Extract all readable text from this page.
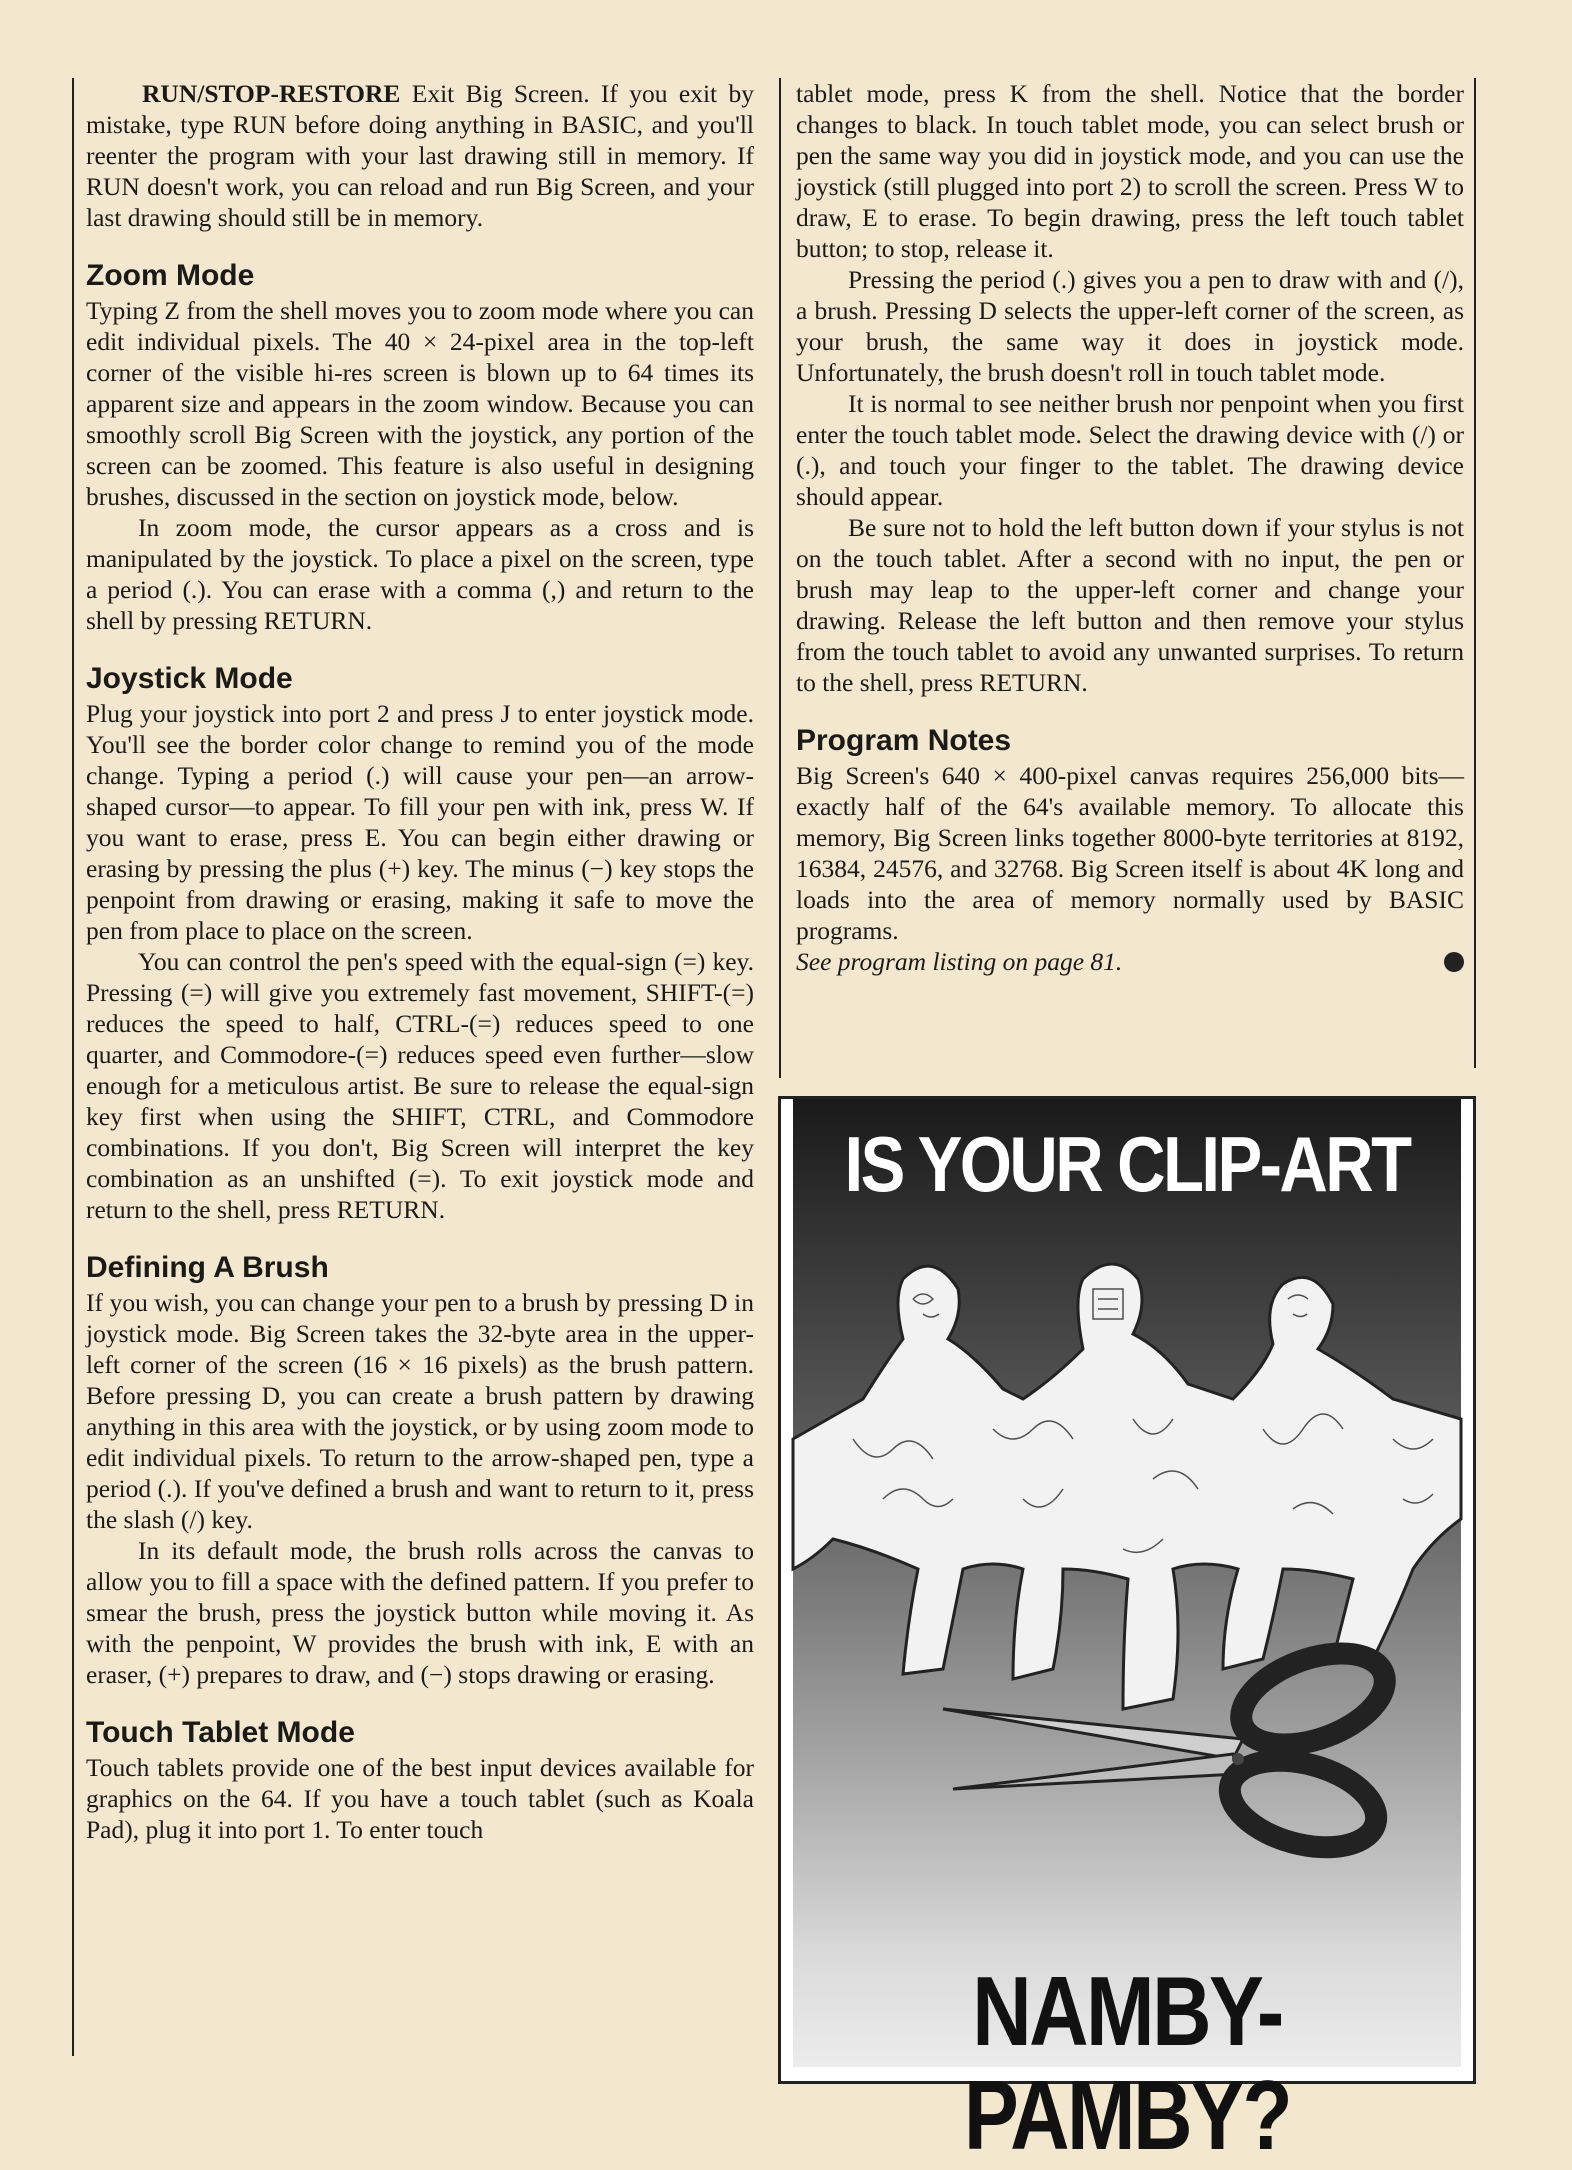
RUN/STOP-RESTORE Exit Big Screen. If you exit by mistake, type RUN before doing anything in BASIC, and you'll reenter the program with your last drawing still in memory. If RUN doesn't work, you can reload and run Big Screen, and your last drawing should still be in memory.

Zoom Mode

Typing Z from the shell moves you to zoom mode where you can edit individual pixels. The 40 × 24-pixel area in the top-left corner of the visible hi-res screen is blown up to 64 times its apparent size and appears in the zoom window. Because you can smoothly scroll Big Screen with the joystick, any portion of the screen can be zoomed. This feature is also useful in designing brushes, discussed in the section on joystick mode, below.

In zoom mode, the cursor appears as a cross and is manipulated by the joystick. To place a pixel on the screen, type a period (.). You can erase with a comma (,) and return to the shell by pressing RETURN.

Joystick Mode

Plug your joystick into port 2 and press J to enter joystick mode. You'll see the border color change to remind you of the mode change. Typing a period (.) will cause your pen—an arrow-shaped cursor—to appear. To fill your pen with ink, press W. If you want to erase, press E. You can begin either drawing or erasing by pressing the plus (+) key. The minus (−) key stops the penpoint from drawing or erasing, making it safe to move the pen from place to place on the screen.

You can control the pen's speed with the equal-sign (=) key. Pressing (=) will give you extremely fast movement, SHIFT-(=) reduces the speed to half, CTRL-(=) reduces speed to one quarter, and Commodore-(=) reduces speed even further—slow enough for a meticulous artist. Be sure to release the equal-sign key first when using the SHIFT, CTRL, and Commodore combinations. If you don't, Big Screen will interpret the key combination as an unshifted (=). To exit joystick mode and return to the shell, press RETURN.

Defining A Brush

If you wish, you can change your pen to a brush by pressing D in joystick mode. Big Screen takes the 32-byte area in the upper-left corner of the screen (16 × 16 pixels) as the brush pattern. Before pressing D, you can create a brush pattern by drawing anything in this area with the joystick, or by using zoom mode to edit individual pixels. To return to the arrow-shaped pen, type a period (.). If you've defined a brush and want to return to it, press the slash (/) key.

In its default mode, the brush rolls across the canvas to allow you to fill a space with the defined pattern. If you prefer to smear the brush, press the joystick button while moving it. As with the penpoint, W provides the brush with ink, E with an eraser, (+) prepares to draw, and (−) stops drawing or erasing.

Touch Tablet Mode

Touch tablets provide one of the best input devices available for graphics on the 64. If you have a touch tablet (such as Koala Pad), plug it into port 1. To enter touch

tablet mode, press K from the shell. Notice that the border changes to black. In touch tablet mode, you can select brush or pen the same way you did in joystick mode, and you can use the joystick (still plugged into port 2) to scroll the screen. Press W to draw, E to erase. To begin drawing, press the left touch tablet button; to stop, release it.

Pressing the period (.) gives you a pen to draw with and (/), a brush. Pressing D selects the upper-left corner of the screen, as your brush, the same way it does in joystick mode. Unfortunately, the brush doesn't roll in touch tablet mode.

It is normal to see neither brush nor penpoint when you first enter the touch tablet mode. Select the drawing device with (/) or (.), and touch your finger to the tablet. The drawing device should appear.

Be sure not to hold the left button down if your stylus is not on the touch tablet. After a second with no input, the pen or brush may leap to the upper-left corner and change your drawing. Release the left button and then remove your stylus from the touch tablet to avoid any unwanted surprises. To return to the shell, press RETURN.

Program Notes

Big Screen's 640 × 400-pixel canvas requires 256,000 bits—exactly half of the 64's available memory. To allocate this memory, Big Screen links together 8000-byte territories at 8192, 16384, 24576, and 32768. Big Screen itself is about 4K long and loads into the area of memory normally used by BASIC programs.

See program listing on page 81.

IS YOUR CLIP-ART
NAMBY-PAMBY?
